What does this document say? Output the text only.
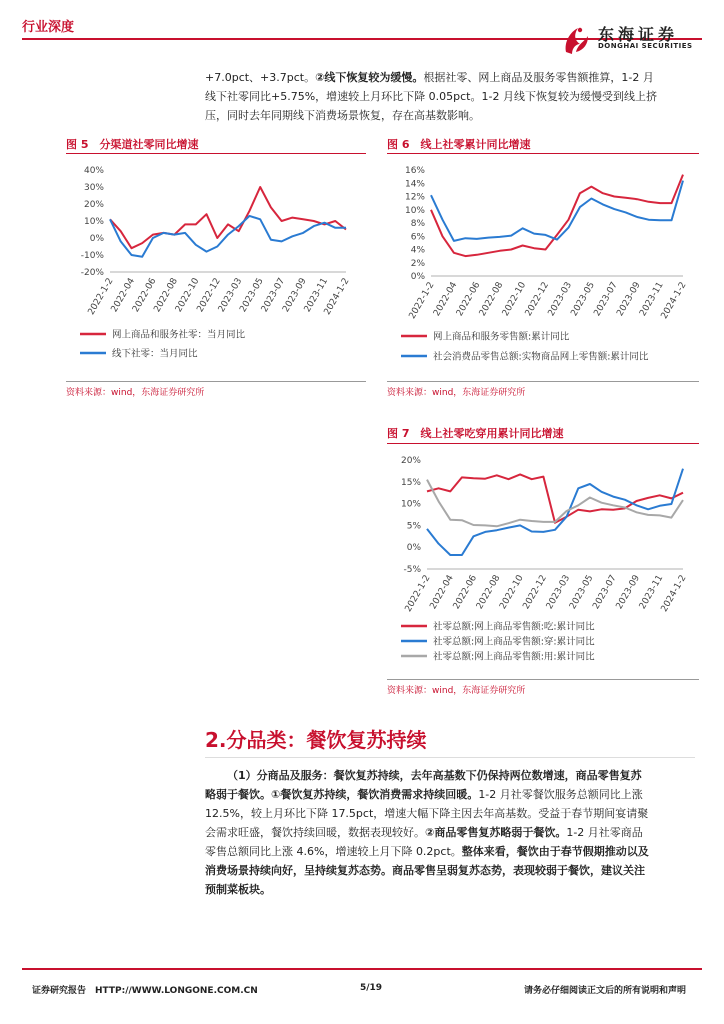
行业深度	东海证券
DONGHAI SECURITIES
+7.0pct、+3.7pct。②线下恢复较为缓慢。根据社零、网上商品及服务零售额推算，1-2 月
线下社零同比+5.75%，增速较上月环比下降 0.05pct。1-2 月线下恢复较为缓慢受到线上挤
压，同时去年同期线下消费场景恢复，存在高基数影响。
图 5　分渠道社零同比增速
-20%
-10%
0%
10%
20%
30%
40%
2022-1-2
2022-04
2022-06
2022-08
2022-10
2022-12
2023-03
2023-05
2023-07
2023-09
2023-11
2024-1-2
网上商品和服务社零：当月同比
线下社零：当月同比
资料来源：wind，东海证券研究所
图 6　线上社零累计同比增速
0%
2%
4%
6%
8%
10%
12%
14%
16%
2022-1-2
2022-04
2022-06
2022-08
2022-10
2022-12
2023-03
2023-05
2023-07
2023-09
2023-11
2024-1-2
网上商品和服务零售额:累计同比
社会消费品零售总额:实物商品网上零售额:累计同比
资料来源：wind，东海证券研究所
图 7　线上社零吃穿用累计同比增速
-5%
0%
5%
10%
15%
20%
2022-1-2
2022-04
2022-06
2022-08
2022-10
2022-12
2023-03
2023-05
2023-07
2023-09
2023-11
2024-1-2
社零总额:网上商品零售额:吃:累计同比
社零总额:网上商品零售额:穿:累计同比
社零总额:网上商品零售额:用:累计同比
资料来源：wind，东海证券研究所
2.分品类：餐饮复苏持续
（1）分商品及服务：餐饮复苏持续，去年高基数下仍保持两位数增速，商品零售复苏
略弱于餐饮。①餐饮复苏持续，餐饮消费需求持续回暖。1-2 月社零餐饮服务总额同比上涨
12.5%，较上月环比下降 17.5pct，增速大幅下降主因去年高基数。受益于春节期间宴请聚
会需求旺盛，餐饮持续回暖，数据表现较好。②商品零售复苏略弱于餐饮。1-2 月社零商品
零售总额同比上涨 4.6%，增速较上月下降 0.2pct。整体来看，餐饮由于春节假期推动以及
消费场景持续向好，呈持续复苏态势。商品零售呈弱复苏态势，表现较弱于餐饮，建议关注
预制菜板块。
证券研究报告　HTTP://WWW.LONGONE.COM.CN	5/19	请务必仔细阅读正文后的所有说明和声明
